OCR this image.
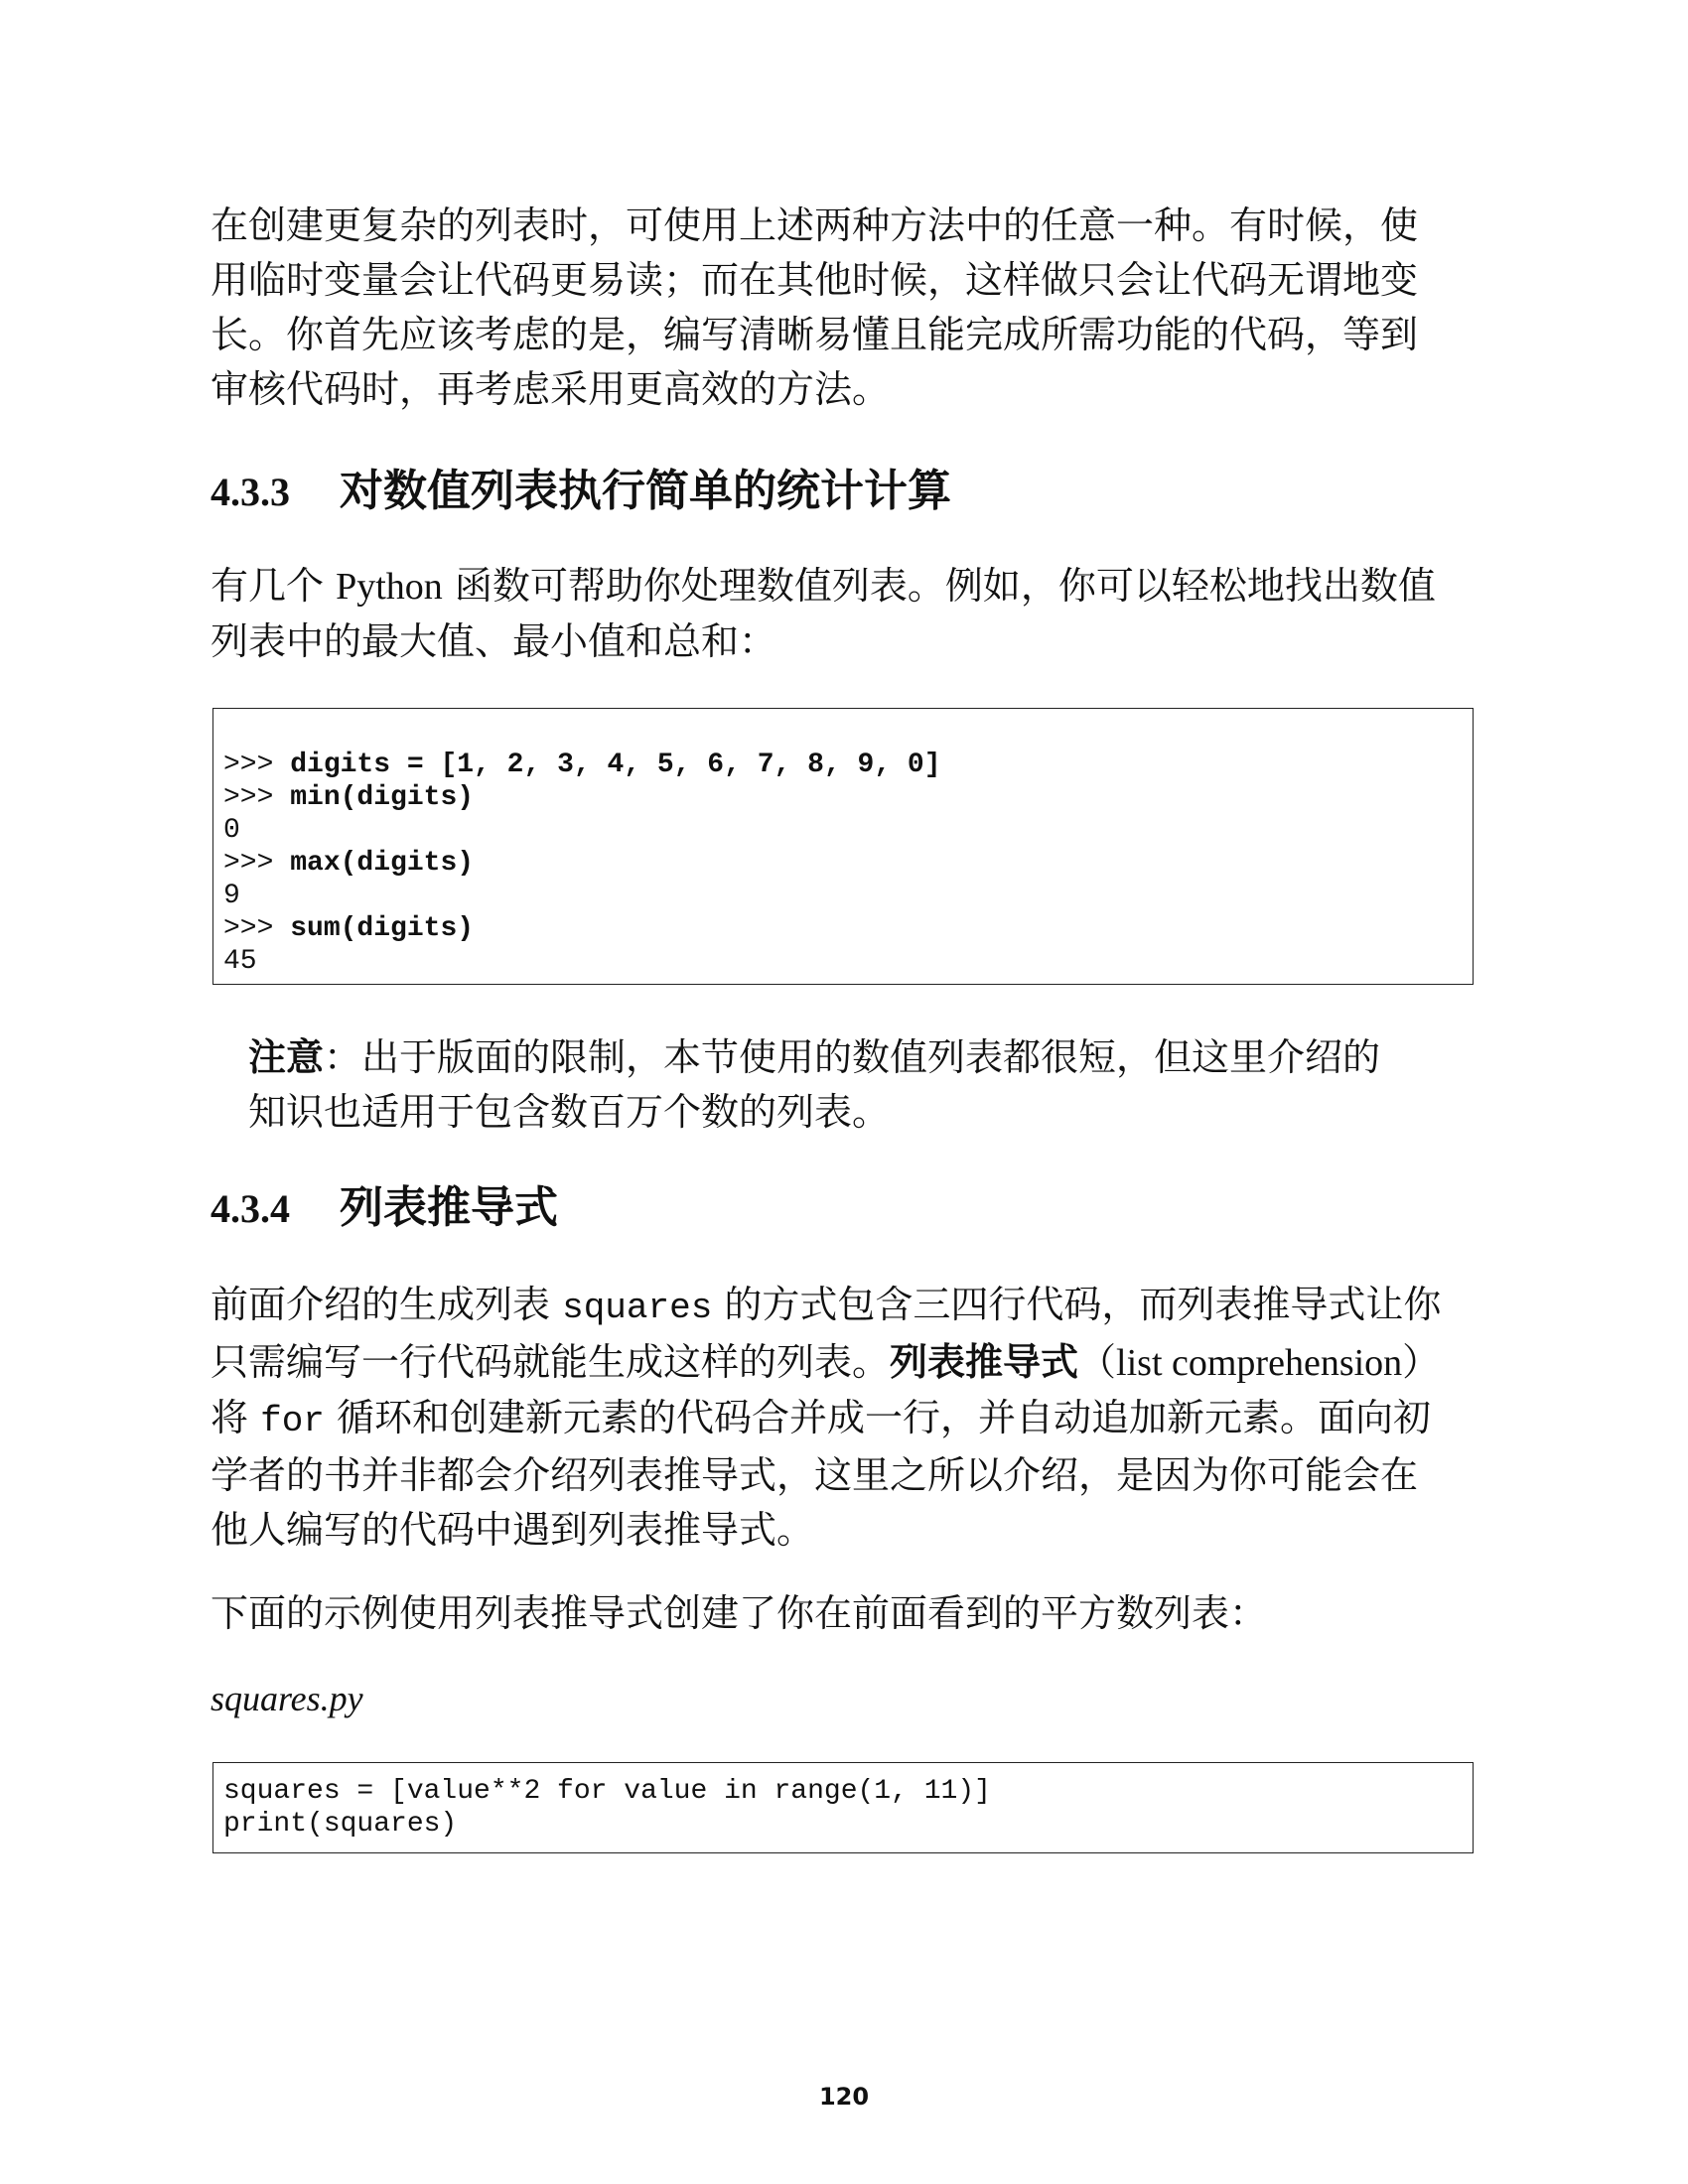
在创建更复杂的列表时，可使用上述两种方法中的任意一种。有时候，使
用临时变量会让代码更易读；而在其他时候，这样做只会让代码无谓地变
长。你首先应该考虑的是，编写清晰易懂且能完成所需功能的代码，等到
审核代码时，再考虑采用更高效的方法。
4.3.3	对数值列表执行简单的统计计算
有几个 Python 函数可帮助你处理数值列表。例如，你可以轻松地找出数值
列表中的最大值、最小值和总和：
>>> digits = [1, 2, 3, 4, 5, 6, 7, 8, 9, 0]
>>> min(digits)
0
>>> max(digits)
9
>>> sum(digits)
45
注意：出于版面的限制，本节使用的数值列表都很短，但这里介绍的
知识也适用于包含数百万个数的列表。
4.3.4	列表推导式
前面介绍的生成列表 squares 的方式包含三四行代码，而列表推导式让你
只需编写一行代码就能生成这样的列表。列表推导式（list comprehension）
将 for 循环和创建新元素的代码合并成一行，并自动追加新元素。面向初
学者的书并非都会介绍列表推导式，这里之所以介绍，是因为你可能会在
他人编写的代码中遇到列表推导式。
下面的示例使用列表推导式创建了你在前面看到的平方数列表：
squares.py
squares = [value**2 for value in range(1, 11)]
print(squares)
120
